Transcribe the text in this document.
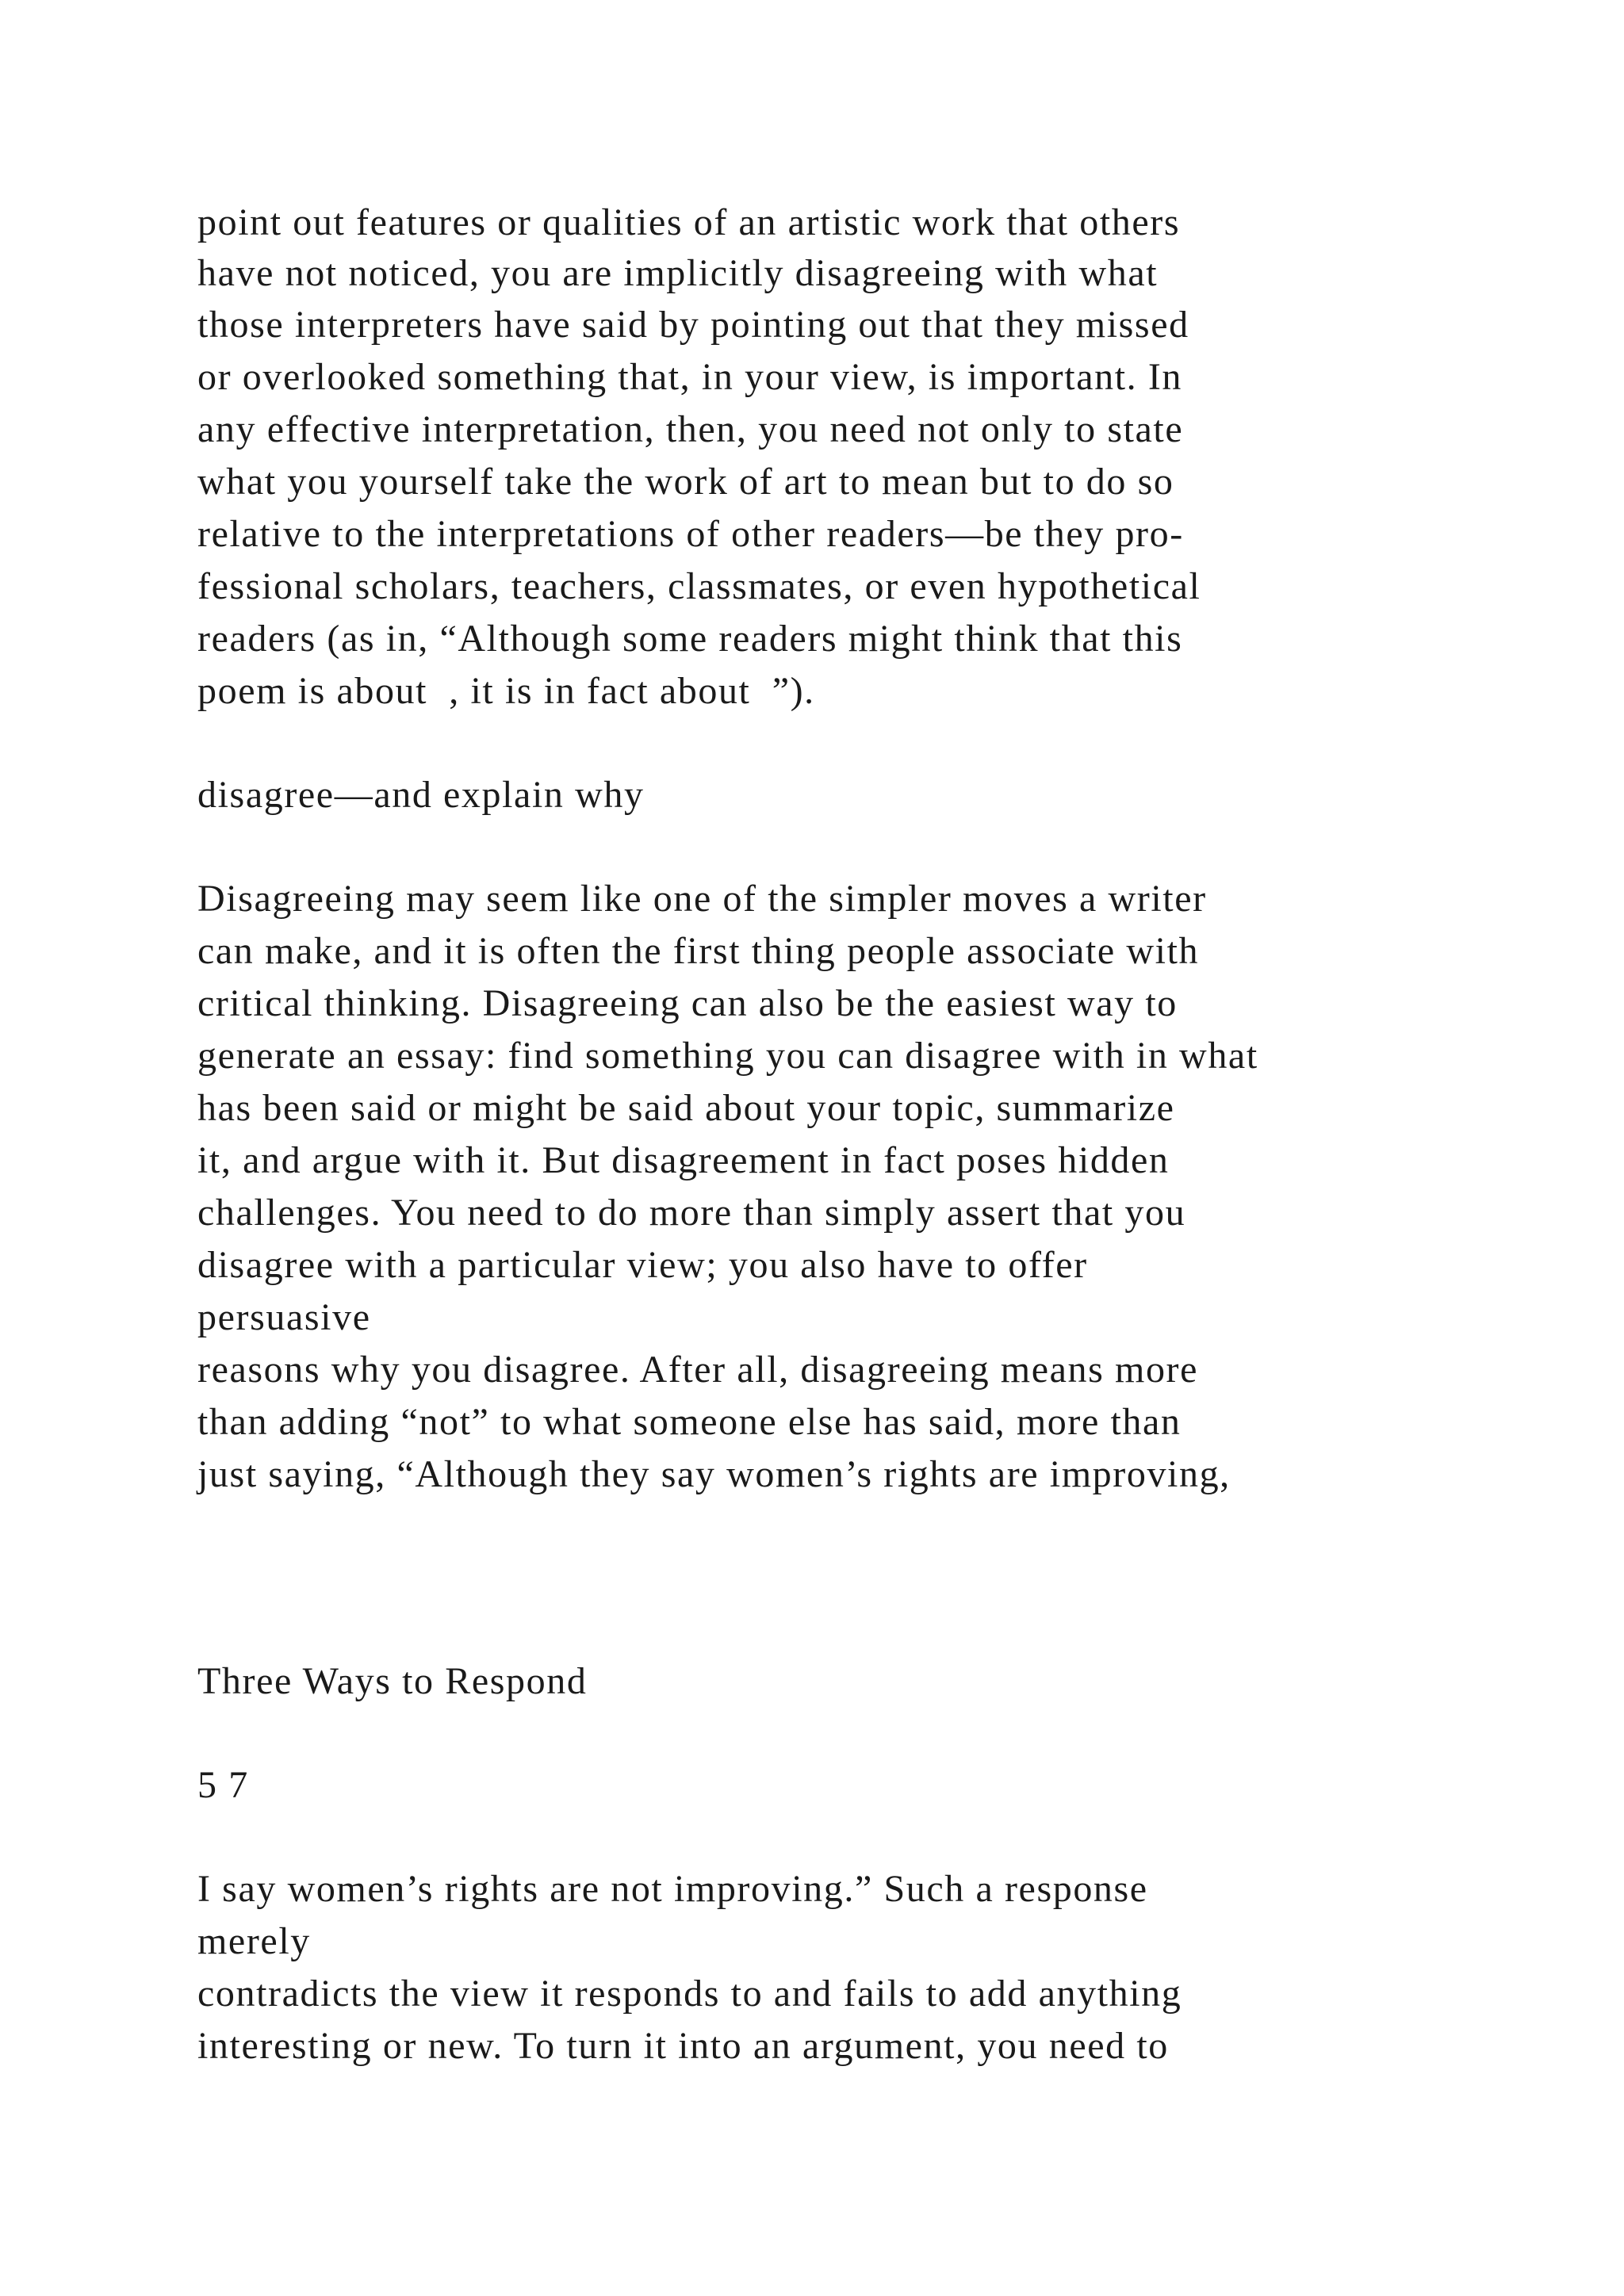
point out features or qualities of an artistic work that others

have not noticed, you are implicitly disagreeing with what

those interpreters have said by pointing out that they missed

or overlooked something that, in your view, is important. In

any effective interpretation, then, you need not only to state

what you yourself take the work of art to mean but to do so

relative to the interpretations of other readers—be they pro-

fessional scholars, teachers, classmates, or even hypothetical

readers (as in, “Although some readers might think that this

poem is about  , it is in fact about  ”).

disagree—and explain why

Disagreeing may seem like one of the simpler moves a writer

can make, and it is often the first thing people associate with

critical thinking. Disagreeing can also be the easiest way to

generate an essay: find something you can disagree with in what

has been said or might be said about your topic, summarize

it, and argue with it. But disagreement in fact poses hidden

challenges. You need to do more than simply assert that you

disagree with a particular view; you also have to offer

persuasive

reasons why you disagree. After all, disagreeing means more

than adding “not” to what someone else has said, more than

just saying, “Although they say women’s rights are improving,

Three Ways to Respond

5 7

I say women’s rights are not improving.” Such a response

merely

contradicts the view it responds to and fails to add anything

interesting or new. To turn it into an argument, you need to
